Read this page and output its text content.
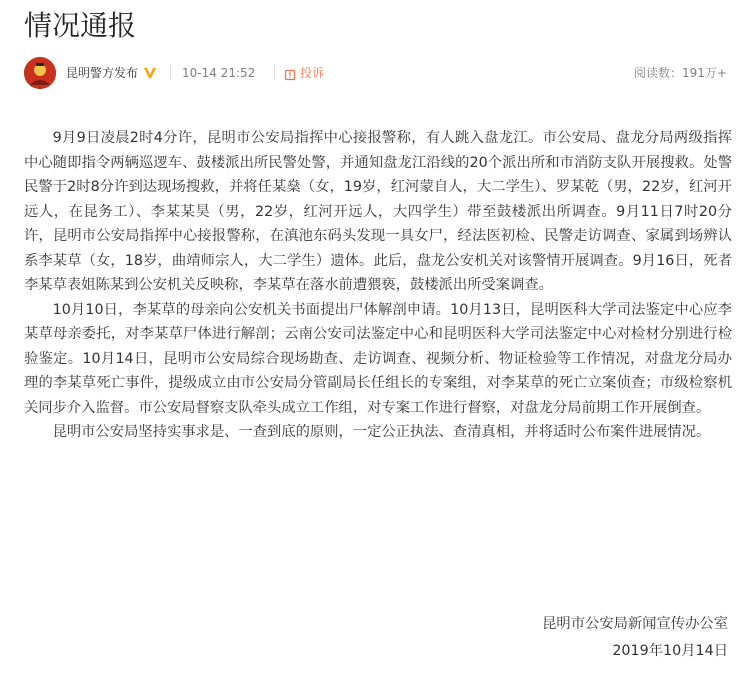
情况通报
昆明警方发布	10-14 21:52	投诉	阅读数：191万+

9月9日凌晨2时4分许，昆明市公安局指挥中心接报警称，有人跳入盘龙江。市公安局、盘龙分局两级指挥中心随即指令两辆巡逻车、鼓楼派出所民警处警，并通知盘龙江沿线的20个派出所和市消防支队开展搜救。处警民警于2时8分许到达现场搜救，并将任某燊（女，19岁，红河蒙自人，大二学生）、罗某乾（男，22岁，红河开远人，在昆务工）、李某某昊（男，22岁，红河开远人，大四学生）带至鼓楼派出所调查。9月11日7时20分许，昆明市公安局指挥中心接报警称，在滇池东码头发现一具女尸，经法医初检、民警走访调查、家属到场辨认系李某草（女，18岁，曲靖师宗人，大二学生）遗体。此后，盘龙公安机关对该警情开展调查。9月16日，死者李某草表姐陈某到公安机关反映称，李某草在落水前遭猥亵，鼓楼派出所受案调查。

10月10日，李某草的母亲向公安机关书面提出尸体解剖申请。10月13日，昆明医科大学司法鉴定中心应李某草母亲委托，对李某草尸体进行解剖；云南公安司法鉴定中心和昆明医科大学司法鉴定中心对检材分别进行检验鉴定。10月14日，昆明市公安局综合现场勘查、走访调查、视频分析、物证检验等工作情况，对盘龙分局办理的李某草死亡事件，提级成立由市公安局分管副局长任组长的专案组，对李某草的死亡立案侦查；市级检察机关同步介入监督。市公安局督察支队牵头成立工作组，对专案工作进行督察，对盘龙分局前期工作开展倒查。

昆明市公安局坚持实事求是、一查到底的原则，一定公正执法、查清真相，并将适时公布案件进展情况。

昆明市公安局新闻宣传办公室
2019年10月14日
